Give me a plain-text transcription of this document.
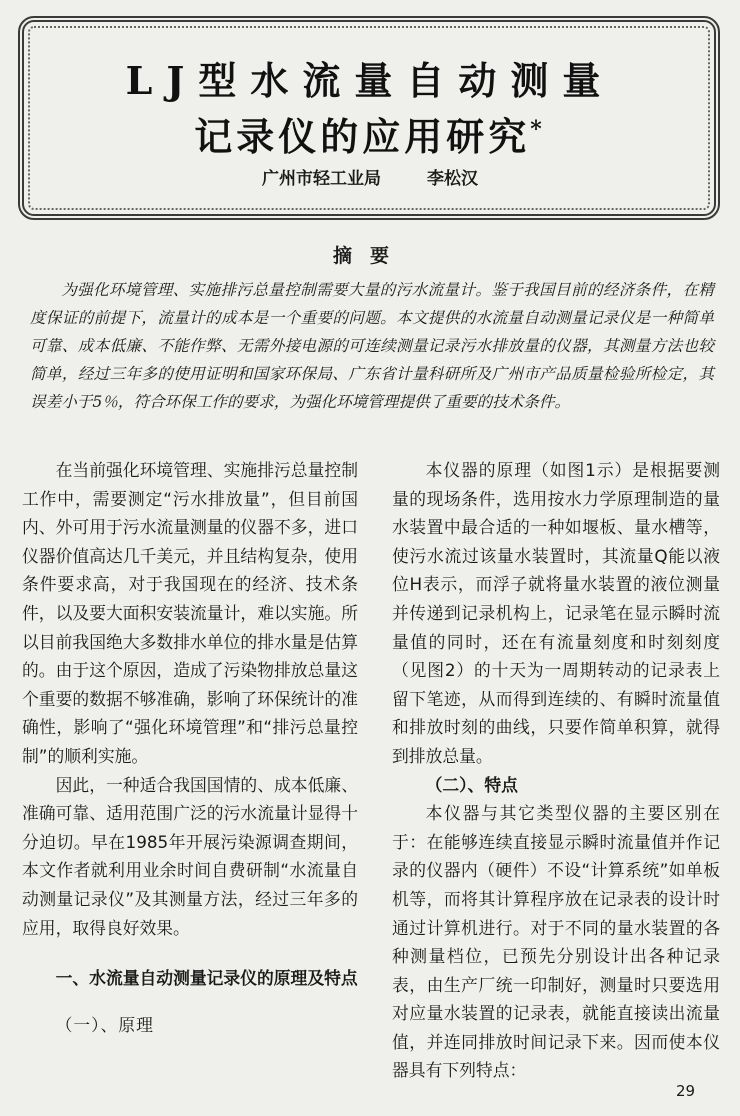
LJ型水流量自动测量
记录仪的应用研究*
广州市轻工业局	李松汉
摘要

为强化环境管理、实施排污总量控制需要大量的污水流量计。鉴于我国目前的经济条件，在精度保证的前提下，流量计的成本是一个重要的问题。本文提供的水流量自动测量记录仪是一种简单可靠、成本低廉、不能作弊、无需外接电源的可连续测量记录污水排放量的仪器，其测量方法也较简单，经过三年多的使用证明和国家环保局、广东省计量科研所及广州市产品质量检验所检定，其误差小于5％，符合环保工作的要求，为强化环境管理提供了重要的技术条件。

在当前强化环境管理、实施排污总量控制工作中，需要测定“污水排放量”，但目前国内、外可用于污水流量测量的仪器不多，进口仪器价值高达几千美元，并且结构复杂，使用条件要求高，对于我国现在的经济、技术条件，以及要大面积安装流量计，难以实施。所以目前我国绝大多数排水单位的排水量是估算的。由于这个原因，造成了污染物排放总量这个重要的数据不够准确，影响了环保统计的准确性，影响了“强化环境管理”和“排污总量控制”的顺利实施。

因此，一种适合我国国情的、成本低廉、准确可靠、适用范围广泛的污水流量计显得十分迫切。早在1985年开展污染源调查期间，本文作者就利用业余时间自费研制“水流量自动测量记录仪”及其测量方法，经过三年多的应用，取得良好效果。

一、水流量自动测量记录仪的原理及特点

（一）、原理

本仪器的原理（如图1示）是根据要测量的现场条件，选用按水力学原理制造的量水装置中最合适的一种如堰板、量水槽等，使污水流过该量水装置时，其流量Q能以液位H表示，而浮子就将量水装置的液位测量并传递到记录机构上，记录笔在显示瞬时流量值的同时，还在有流量刻度和时刻刻度（见图2）的十天为一周期转动的记录表上留下笔迹，从而得到连续的、有瞬时流量值和排放时刻的曲线，只要作简单积算，就得到排放总量。

（二）、特点

本仪器与其它类型仪器的主要区别在于：在能够连续直接显示瞬时流量值并作记录的仪器内（硬件）不设“计算系统”如单板机等，而将其计算程序放在记录表的设计时通过计算机进行。对于不同的量水装置的各种测量档位，已预先分别设计出各种记录表，由生产厂统一印制好，测量时只要选用对应量水装置的记录表，就能直接读出流量值，并连同排放时间记录下来。因而使本仪器具有下列特点：

29
